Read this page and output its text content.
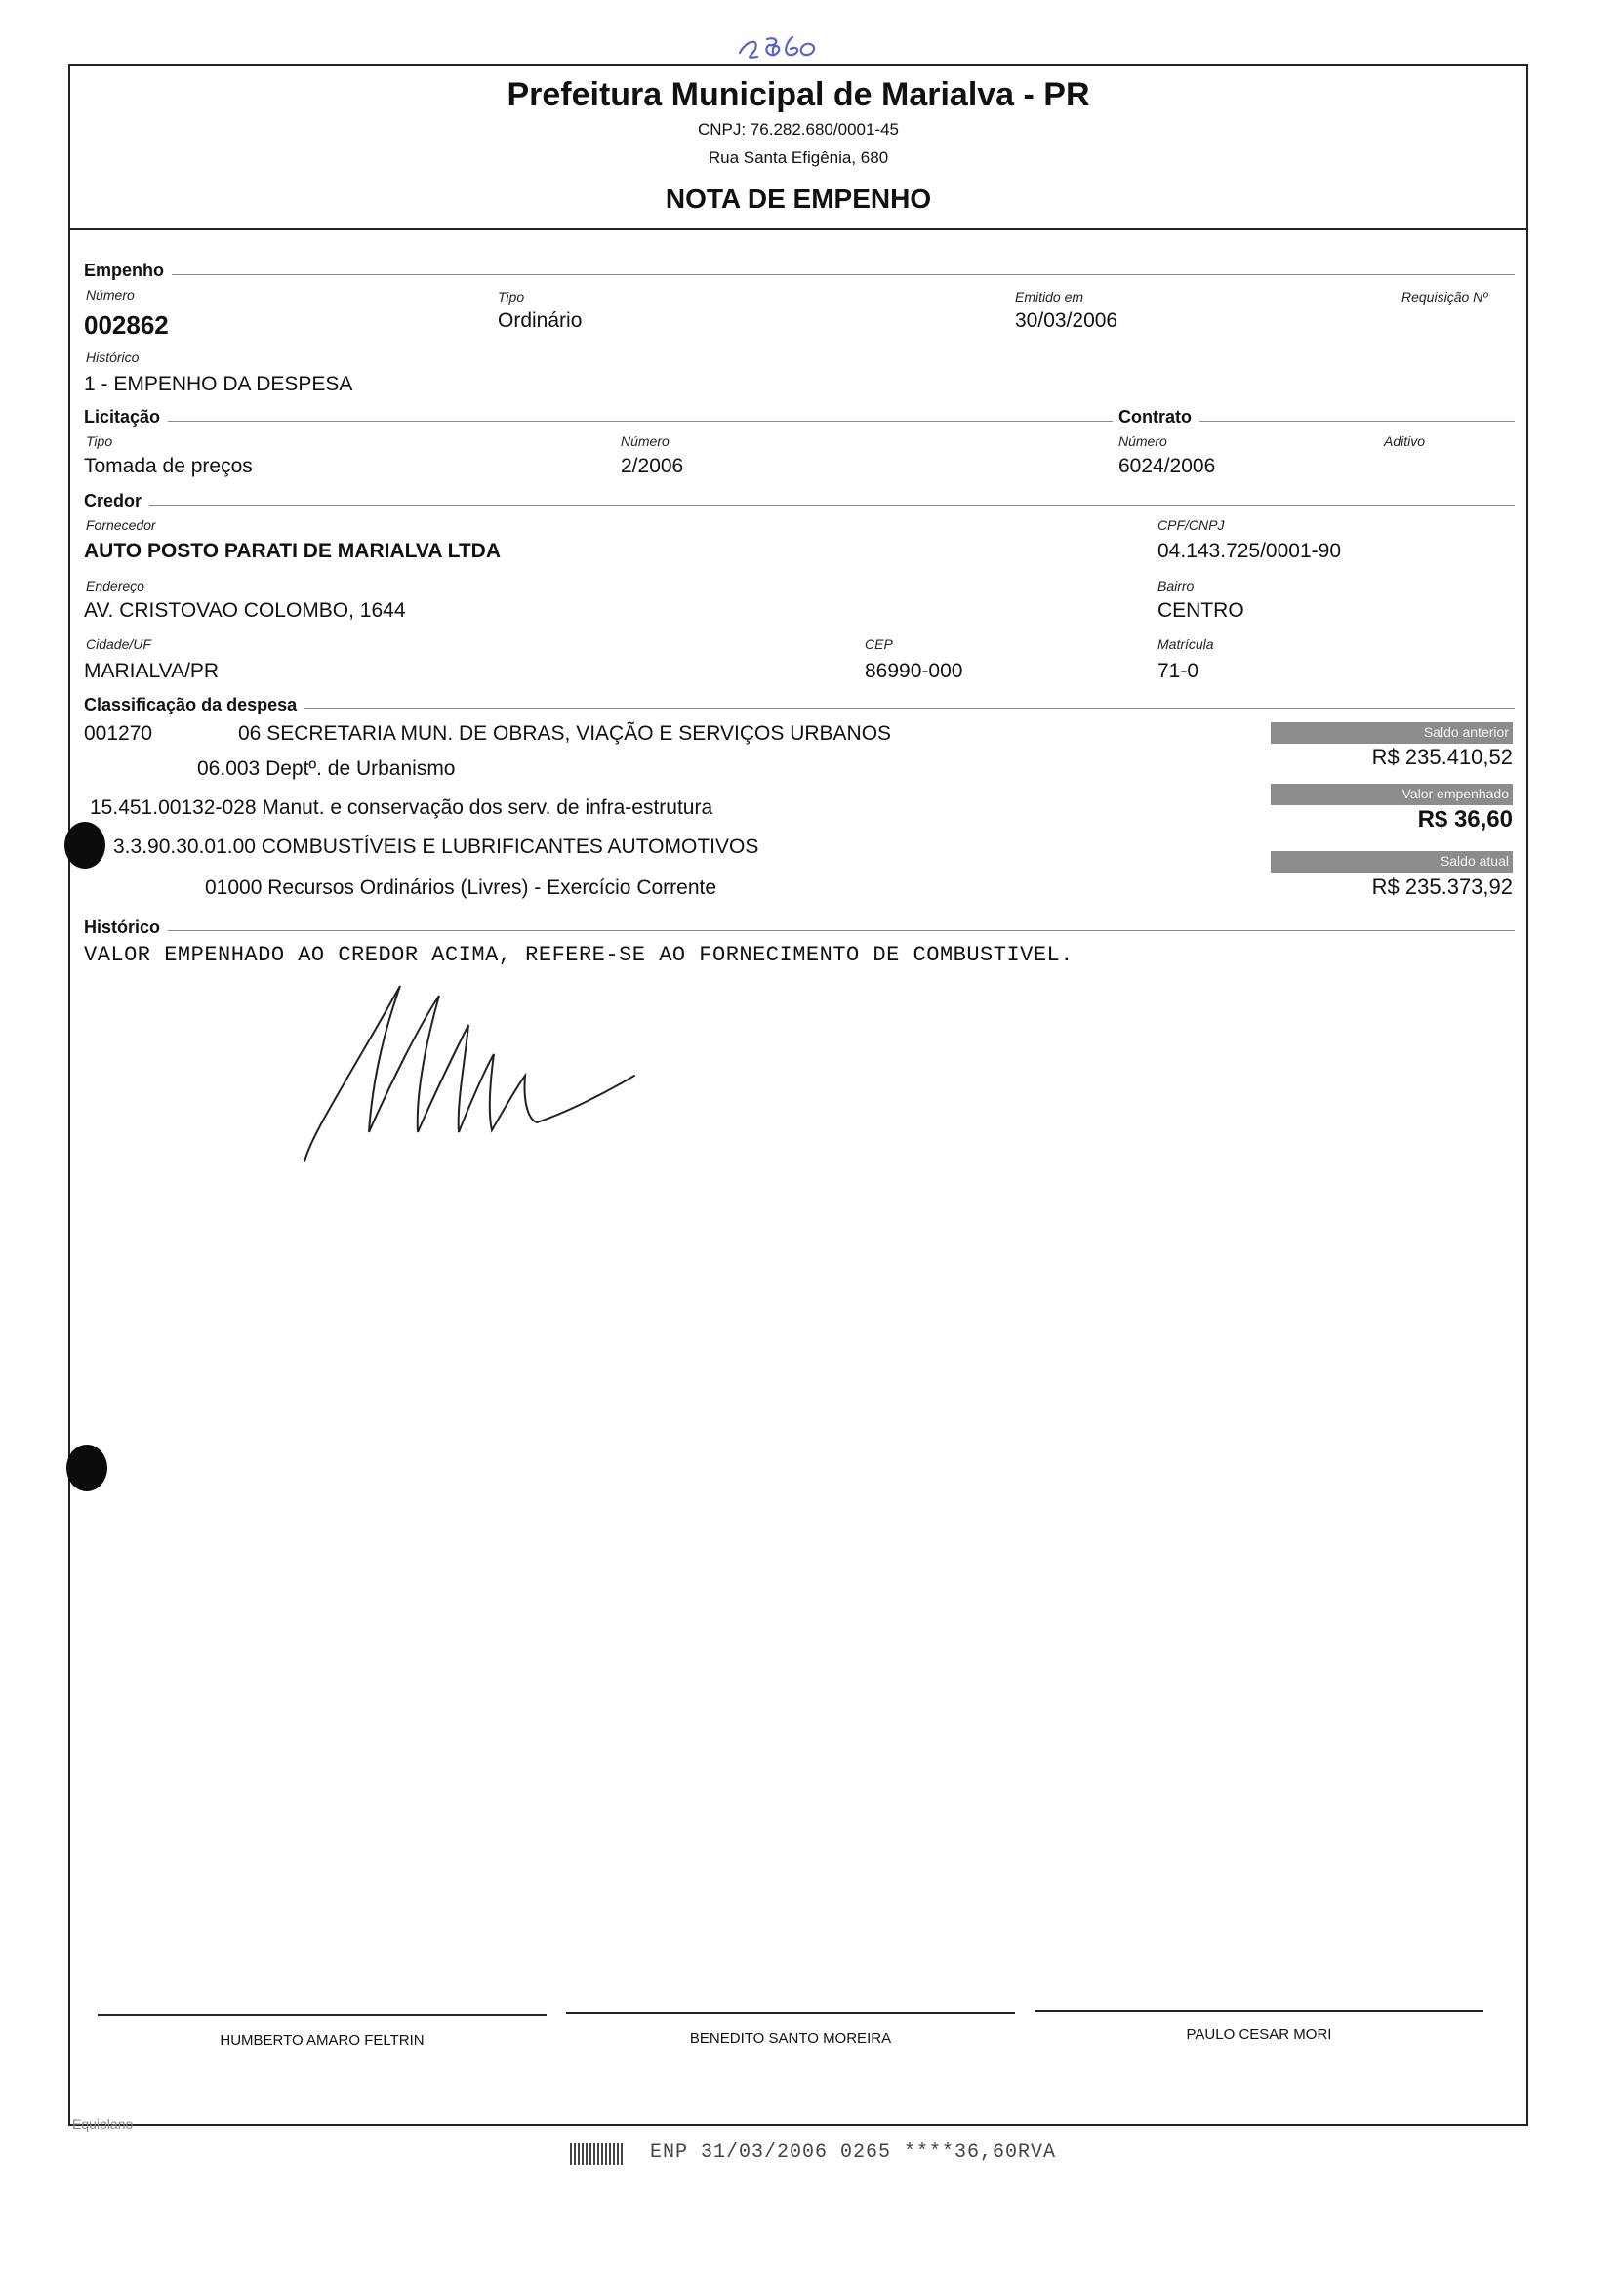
Prefeitura Municipal de Marialva - PR
CNPJ: 76.282.680/0001-45
Rua Santa Efigênia, 680
NOTA DE EMPENHO
Empenho
Número
002862
Tipo
Ordinário
Emitido em
30/03/2006
Requisição Nº
Histórico
1 - EMPENHO DA DESPESA
Licitação	Contrato
Tipo
Tomada de preços
Número
2/2006
Número
6024/2006
Aditivo
Credor
Fornecedor
AUTO POSTO PARATI DE MARIALVA LTDA
CPF/CNPJ
04.143.725/0001-90
Endereço
AV. CRISTOVAO COLOMBO, 1644
Bairro
CENTRO
Cidade/UF
MARIALVA/PR
CEP
86990-000
Matrícula
71-0
Classificação da despesa
001270	06 SECRETARIA MUN. DE OBRAS, VIAÇÃO E SERVIÇOS URBANOS
06.003 Deptº. de Urbanismo
15.451.00132-028 Manut. e conservação dos serv. de infra-estrutura
3.3.90.30.01.00 COMBUSTÍVEIS E LUBRIFICANTES AUTOMOTIVOS
01000 Recursos Ordinários (Livres) - Exercício Corrente
Saldo anterior
R$ 235.410,52
Valor empenhado
R$ 36,60
Saldo atual
R$ 235.373,92
Histórico
VALOR EMPENHADO AO CREDOR ACIMA, REFERE-SE AO FORNECIMENTO DE COMBUSTIVEL.
HUMBERTO AMARO FELTRIN	BENEDITO SANTO MOREIRA	PAULO CESAR MORI
Equiplano
ENP 31/03/2006 0265 ****36,60RVA
